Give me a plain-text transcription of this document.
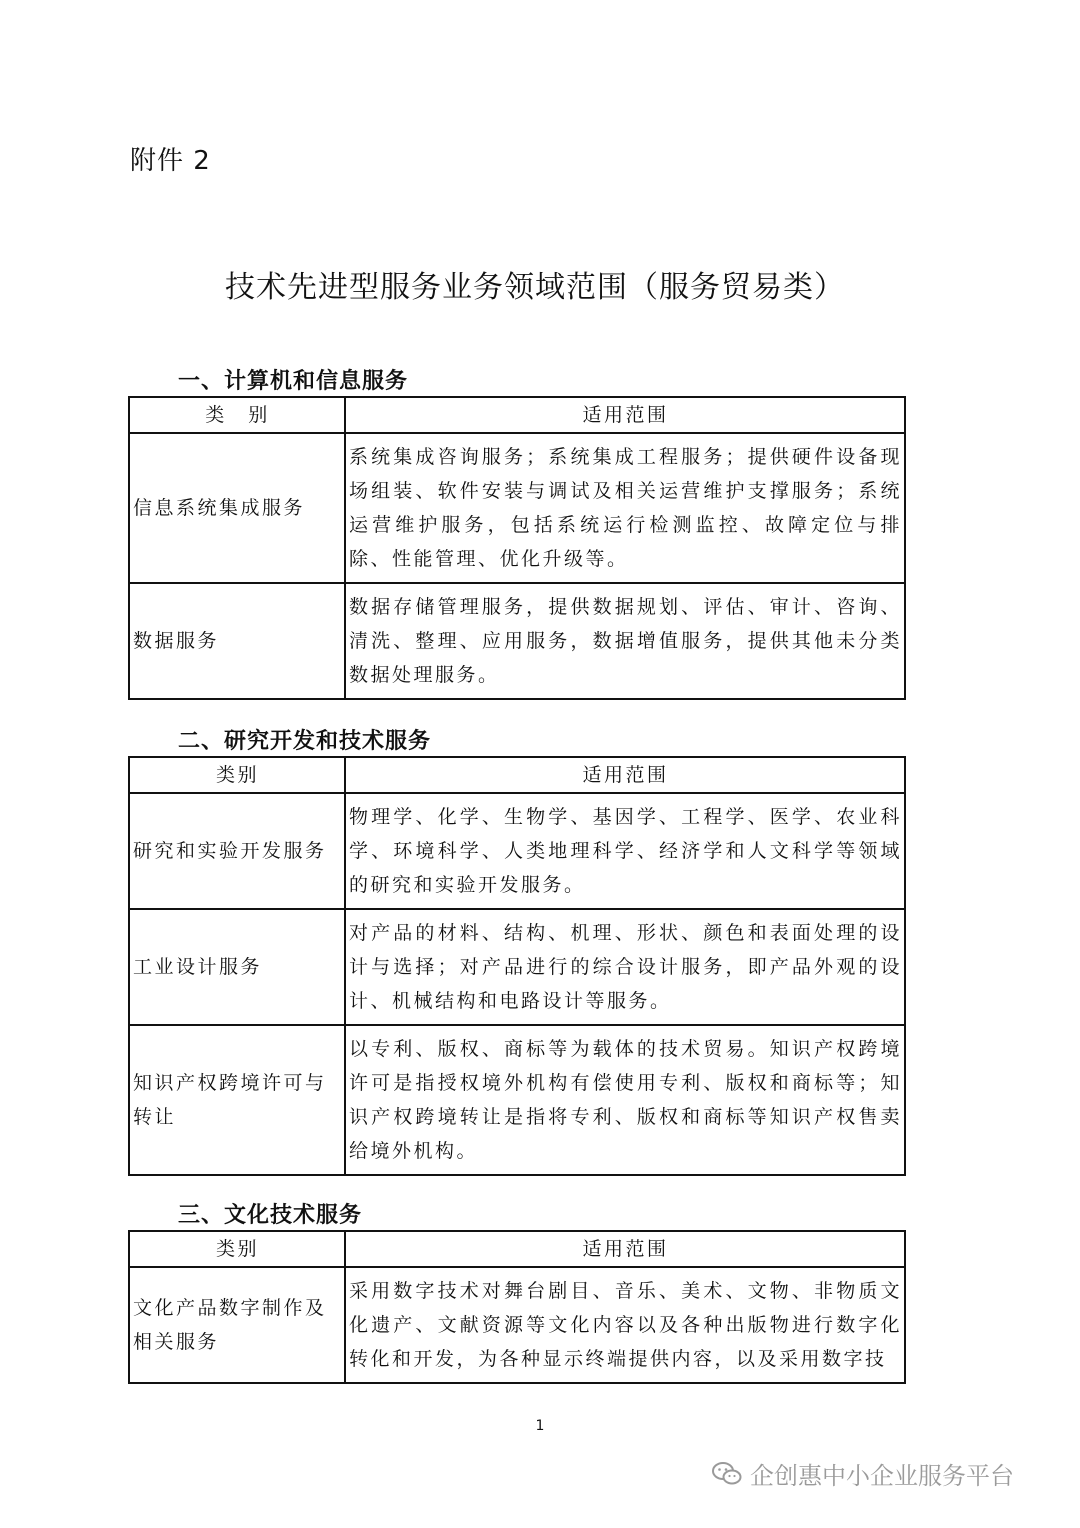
附件 2
技术先进型服务业务领域范围（服务贸易类）
一、计算机和信息服务
类　别	适用范围
信息系统集成服务	系统集成咨询服务；系统集成工程服务；提供硬件设备现场组装、软件安装与调试及相关运营维护支撑服务；系统运营维护服务，包括系统运行检测监控、故障定位与排除、性能管理、优化升级等。
数据服务	数据存储管理服务，提供数据规划、评估、审计、咨询、清洗、整理、应用服务，数据增值服务，提供其他未分类数据处理服务。
二、研究开发和技术服务
类别	适用范围
研究和实验开发服务	物理学、化学、生物学、基因学、工程学、医学、农业科学、环境科学、人类地理科学、经济学和人文科学等领域的研究和实验开发服务。
工业设计服务	对产品的材料、结构、机理、形状、颜色和表面处理的设计与选择；对产品进行的综合设计服务，即产品外观的设计、机械结构和电路设计等服务。
知识产权跨境许可与转让	以专利、版权、商标等为载体的技术贸易。知识产权跨境许可是指授权境外机构有偿使用专利、版权和商标等；知识产权跨境转让是指将专利、版权和商标等知识产权售卖给境外机构。
三、文化技术服务
类别	适用范围
文化产品数字制作及相关服务	采用数字技术对舞台剧目、音乐、美术、文物、非物质文化遗产、文献资源等文化内容以及各种出版物进行数字化转化和开发，为各种显示终端提供内容，以及采用数字技
1
企创惠中小企业服务平台
